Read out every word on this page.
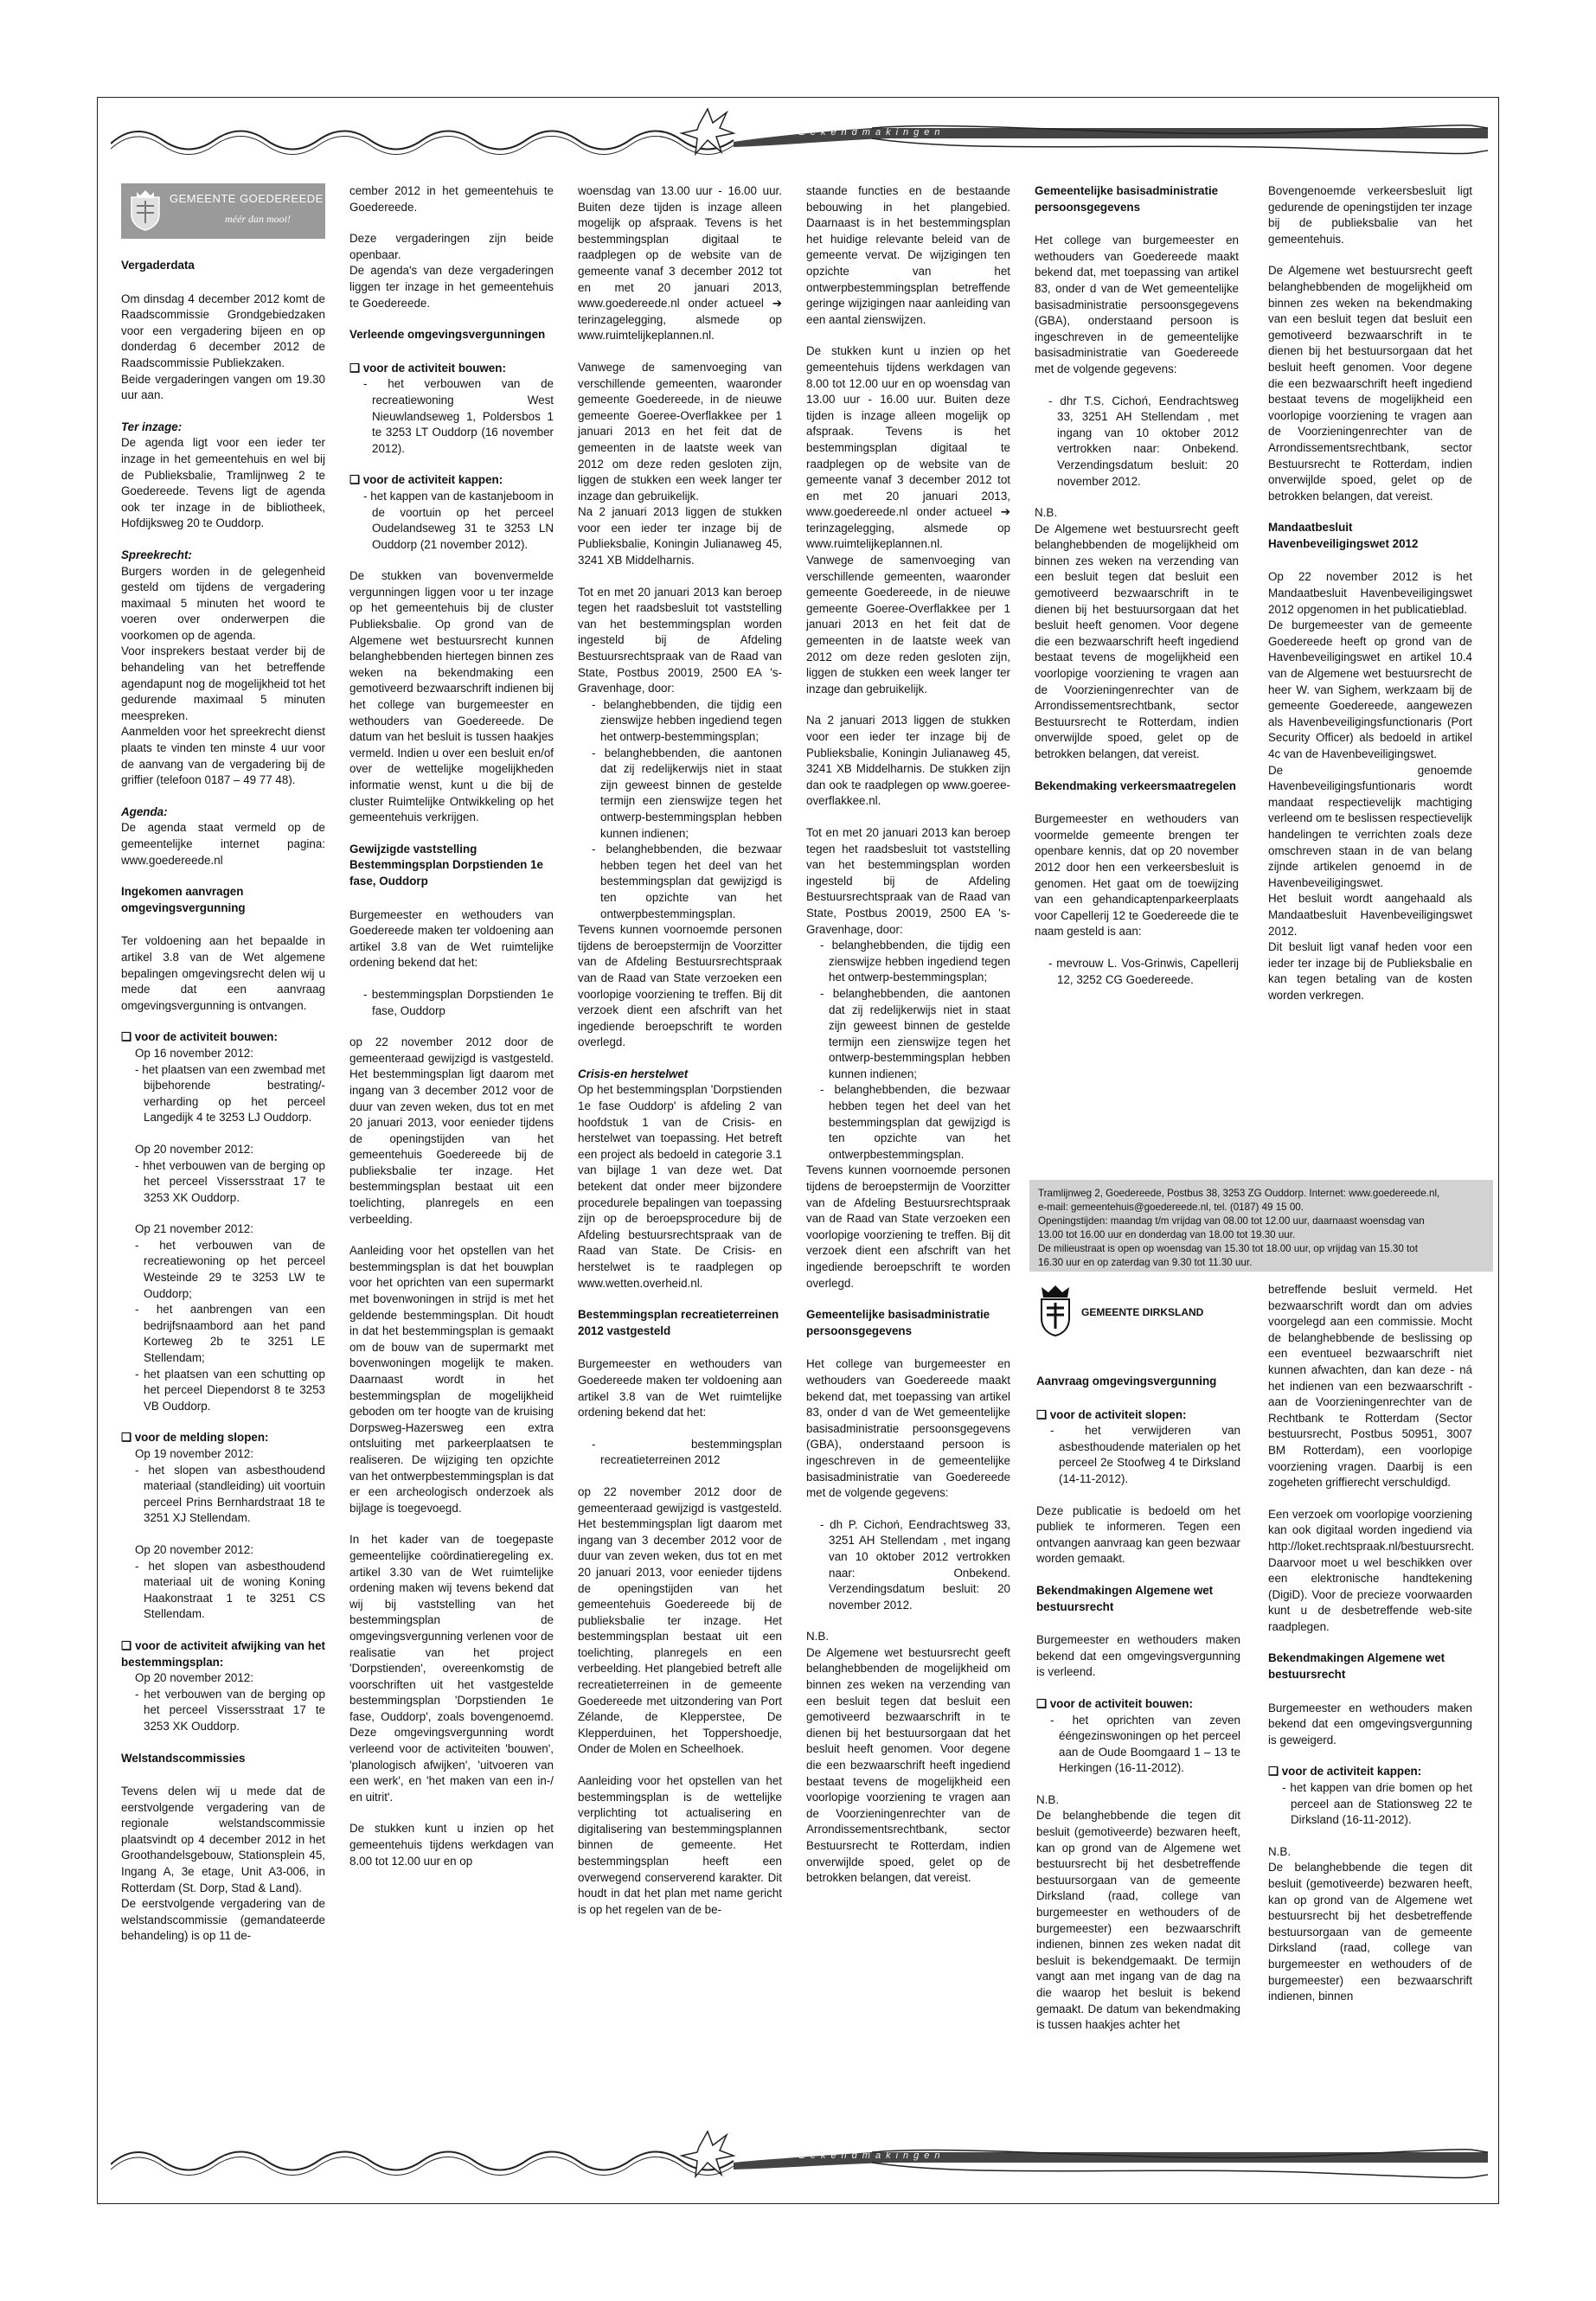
Bekendmakingen
Bekendmakingen
GEMEENTE GOEDEREEDE
méér dan mooi!
Vergaderdata

Om dinsdag 4 december 2012 komt de Raadscommissie Grondgebiedzaken voor een vergadering bijeen en op donderdag 6 december 2012 de Raadscommissie Publiekzaken.

Beide vergaderingen vangen om 19.30 uur aan.

Ter inzage:

De agenda ligt voor een ieder ter inzage in het gemeentehuis en wel bij de Publieksbalie, Tramlijnweg 2 te Goedereede. Tevens ligt de agenda ook ter inzage in de bibliotheek, Hofdijksweg 20 te Ouddorp.

Spreekrecht:

Burgers worden in de gelegenheid gesteld om tijdens de vergadering maximaal 5 minuten het woord te voeren over onderwerpen die voorkomen op de agenda.

Voor insprekers bestaat verder bij de behandeling van het betreffende agendapunt nog de mogelijkheid tot het gedurende maximaal 5 minuten meespreken.

Aanmelden voor het spreekrecht dienst plaats te vinden ten minste 4 uur voor de aanvang van de vergadering bij de griffier (telefoon 0187 – 49 77 48).

Agenda:

De agenda staat vermeld op de gemeentelijke internet pagina: www.goedereede.nl

Ingekomen aanvragen omgevingsvergunning

Ter voldoening aan het bepaalde in artikel 3.8 van de Wet algemene bepalingen omgevingsrecht delen wij u mede dat een aanvraag omgevingsvergunning is ontvangen.

❑ voor de activiteit bouwen:

Op 16 november 2012:

- het plaatsen van een zwembad met bijbehorende bestrating/-verharding op het perceel Langedijk 4 te 3253 LJ Ouddorp.

Op 20 november 2012:

- hhet verbouwen van de berging op het perceel Vissersstraat 17 te 3253 XK Ouddorp.

Op 21 november 2012:

- het verbouwen van de recreatiewoning op het perceel Westeinde 29 te 3253 LW te Ouddorp;

- het aanbrengen van een bedrijfsnaambord aan het pand Korteweg 2b te 3251 LE Stellendam;

- het plaatsen van een schutting op het perceel Diependorst 8 te 3253 VB Ouddorp.

❑ voor de melding slopen:

Op 19 november 2012:

- het slopen van asbesthoudend materiaal (standleiding) uit voortuin perceel Prins Bernhardstraat 18 te 3251 XJ Stellendam.

Op 20 november 2012:

- het slopen van asbesthoudend materiaal uit de woning Koning Haakonstraat 1 te 3251 CS Stellendam.

❑ voor de activiteit afwijking van het bestemmingsplan:

Op 20 november 2012:

- het verbouwen van de berging op het perceel Vissersstraat 17 te 3253 XK Ouddorp.

Welstandscommissies

Tevens delen wij u mede dat de eerstvolgende vergadering van de regionale welstandscommissie plaatsvindt op 4 december 2012 in het Groothandelsgebouw, Stationsplein 45, Ingang A, 3e etage, Unit A3-006, in Rotterdam (St. Dorp, Stad & Land).

De eerstvolgende vergadering van de welstandscommissie (gemandateerde behandeling) is op 11 de-

cember 2012 in het gemeentehuis te Goedereede.

Deze vergaderingen zijn beide openbaar.

De agenda's van deze vergaderingen liggen ter inzage in het gemeentehuis te Goedereede.

Verleende omgevingsvergunningen

❑ voor de activiteit bouwen:

- het verbouwen van de recreatiewoning West Nieuwlandseweg 1, Poldersbos 1 te 3253 LT Ouddorp (16 november 2012).

❑ voor de activiteit kappen:

- het kappen van de kastanjeboom in de voortuin op het perceel Oudelandseweg 31 te 3253 LN Ouddorp (21 november 2012).

De stukken van bovenvermelde vergunningen liggen voor u ter inzage op het gemeentehuis bij de cluster Publieksbalie. Op grond van de Algemene wet bestuursrecht kunnen belanghebbenden hiertegen binnen zes weken na bekendmaking een gemotiveerd bezwaarschrift indienen bij het college van burgemeester en wethouders van Goedereede. De datum van het besluit is tussen haakjes vermeld. Indien u over een besluit en/of over de wettelijke mogelijkheden informatie wenst, kunt u die bij de cluster Ruimtelijke Ontwikkeling op het gemeentehuis verkrijgen.

Gewijzigde vaststelling Bestemmingsplan Dorpstienden 1e fase, Ouddorp

Burgemeester en wethouders van Goedereede maken ter voldoening aan artikel 3.8 van de Wet ruimtelijke ordening bekend dat het:

- bestemmingsplan Dorpstienden 1e fase, Ouddorp

op 22 november 2012 door de gemeenteraad gewijzigd is vastgesteld. Het bestemmingsplan ligt daarom met ingang van 3 december 2012 voor de duur van zeven weken, dus tot en met 20 januari 2013, voor eenieder tijdens de openingstijden van het gemeentehuis Goedereede bij de publieksbalie ter inzage. Het bestemmingsplan bestaat uit een toelichting, planregels en een verbeelding.

Aanleiding voor het opstellen van het bestemmingsplan is dat het bouwplan voor het oprichten van een supermarkt met bovenwoningen in strijd is met het geldende bestemmingsplan. Dit houdt in dat het bestemmingsplan is gemaakt om de bouw van de supermarkt met bovenwoningen mogelijk te maken. Daarnaast wordt in het bestemmingsplan de mogelijkheid geboden om ter hoogte van de kruising Dorpsweg-Hazersweg een extra ontsluiting met parkeerplaatsen te realiseren. De wijziging ten opzichte van het ontwerpbestemmingsplan is dat er een archeologisch onderzoek als bijlage is toegevoegd.

In het kader van de toegepaste gemeentelijke coördinatieregeling ex. artikel 3.30 van de Wet ruimtelijke ordening maken wij tevens bekend dat wij bij vaststelling van het bestemmingsplan de omgevingsvergunning verlenen voor de realisatie van het project 'Dorpstienden', overeenkomstig de voorschriften uit het vastgestelde bestemmingsplan 'Dorpstienden 1e fase, Ouddorp', zoals bovengenoemd. Deze omgevingsvergunning wordt verleend voor de activiteiten 'bouwen', 'planologisch afwijken', 'uitvoeren van een werk', en 'het maken van een in-/ en uitrit'.

De stukken kunt u inzien op het gemeentehuis tijdens werkdagen van 8.00 tot 12.00 uur en op

woensdag van 13.00 uur - 16.00 uur. Buiten deze tijden is inzage alleen mogelijk op afspraak. Tevens is het bestemmingsplan digitaal te raadplegen op de website van de gemeente vanaf 3 december 2012 tot en met 20 januari 2013, www.goedereede.nl onder actueel ➔ terinzagelegging, alsmede op www.ruimtelijkeplannen.nl.

Vanwege de samenvoeging van verschillende gemeenten, waaronder gemeente Goedereede, in de nieuwe gemeente Goeree-Overflakkee per 1 januari 2013 en het feit dat de gemeenten in de laatste week van 2012 om deze reden gesloten zijn, liggen de stukken een week langer ter inzage dan gebruikelijk.

Na 2 januari 2013 liggen de stukken voor een ieder ter inzage bij de Publieksbalie, Koningin Julianaweg 45, 3241 XB Middelharnis.

Tot en met 20 januari 2013 kan beroep tegen het raadsbesluit tot vaststelling van het bestemmingsplan worden ingesteld bij de Afdeling Bestuursrechtspraak van de Raad van State, Postbus 20019, 2500 EA 's-Gravenhage, door:

- belanghebbenden, die tijdig een zienswijze hebben ingediend tegen het ontwerp-bestemmingsplan;

- belanghebbenden, die aantonen dat zij redelijkerwijs niet in staat zijn geweest binnen de gestelde termijn een zienswijze tegen het ontwerp-bestemmingsplan hebben kunnen indienen;

- belanghebbenden, die bezwaar hebben tegen het deel van het bestemmingsplan dat gewijzigd is ten opzichte van het ontwerpbestemmingsplan.

Tevens kunnen voornoemde personen tijdens de beroepstermijn de Voorzitter van de Afdeling Bestuursrechtspraak van de Raad van State verzoeken een voorlopige voorziening te treffen. Bij dit verzoek dient een afschrift van het ingediende beroepschrift te worden overlegd.

Crisis-en herstelwet

Op het bestemmingsplan 'Dorpstienden 1e fase Ouddorp' is afdeling 2 van hoofdstuk 1 van de Crisis- en herstelwet van toepassing. Het betreft een project als bedoeld in categorie 3.1 van bijlage 1 van deze wet. Dat betekent dat onder meer bijzondere procedurele bepalingen van toepassing zijn op de beroepsprocedure bij de Afdeling bestuursrechtspraak van de Raad van State. De Crisis- en herstelwet is te raadplegen op www.wetten.overheid.nl.

Bestemmingsplan recreatieterreinen 2012 vastgesteld

Burgemeester en wethouders van Goedereede maken ter voldoening aan artikel 3.8 van de Wet ruimtelijke ordening bekend dat het:

- bestemmingsplan recreatieterreinen 2012

op 22 november 2012 door de gemeenteraad gewijzigd is vastgesteld. Het bestemmingsplan ligt daarom met ingang van 3 december 2012 voor de duur van zeven weken, dus tot en met 20 januari 2013, voor eenieder tijdens de openingstijden van het gemeentehuis Goedereede bij de publieksbalie ter inzage. Het bestemmingsplan bestaat uit een toelichting, planregels en een verbeelding. Het plangebied betreft alle recreatieterreinen in de gemeente Goedereede met uitzondering van Port Zélande, de Klepperstee, De Klepperduinen, het Toppershoedje, Onder de Molen en Scheelhoek.

Aanleiding voor het opstellen van het bestemmingsplan is de wettelijke verplichting tot actualisering en digitalisering van bestemmingsplannen binnen de gemeente. Het bestemmingsplan heeft een overwegend conserverend karakter. Dit houdt in dat het plan met name gericht is op het regelen van de be-

staande functies en de bestaande bebouwing in het plangebied. Daarnaast is in het bestemmingsplan het huidige relevante beleid van de gemeente vervat. De wijzigingen ten opzichte van het ontwerpbestemmingsplan betreffende geringe wijzigingen naar aanleiding van een aantal zienswijzen.

De stukken kunt u inzien op het gemeentehuis tijdens werkdagen van 8.00 tot 12.00 uur en op woensdag van 13.00 uur - 16.00 uur. Buiten deze tijden is inzage alleen mogelijk op afspraak. Tevens is het bestemmingsplan digitaal te raadplegen op de website van de gemeente vanaf 3 december 2012 tot en met 20 januari 2013, www.goedereede.nl onder actueel ➔ terinzagelegging, alsmede op www.ruimtelijkeplannen.nl.

Vanwege de samenvoeging van verschillende gemeenten, waaronder gemeente Goedereede, in de nieuwe gemeente Goeree-Overflakkee per 1 januari 2013 en het feit dat de gemeenten in de laatste week van 2012 om deze reden gesloten zijn, liggen de stukken een week langer ter inzage dan gebruikelijk.

Na 2 januari 2013 liggen de stukken voor een ieder ter inzage bij de Publieksbalie, Koningin Julianaweg 45, 3241 XB Middelharnis. De stukken zijn dan ook te raadplegen op www.goeree-overflakkee.nl.

Tot en met 20 januari 2013 kan beroep tegen het raadsbesluit tot vaststelling van het bestemmingsplan worden ingesteld bij de Afdeling Bestuursrechtspraak van de Raad van State, Postbus 20019, 2500 EA 's-Gravenhage, door:

- belanghebbenden, die tijdig een zienswijze hebben ingediend tegen het ontwerp-bestemmingsplan;

- belanghebbenden, die aantonen dat zij redelijkerwijs niet in staat zijn geweest binnen de gestelde termijn een zienswijze tegen het ontwerp-bestemmingsplan hebben kunnen indienen;

- belanghebbenden, die bezwaar hebben tegen het deel van het bestemmingsplan dat gewijzigd is ten opzichte van het ontwerpbestemmingsplan.

Tevens kunnen voornoemde personen tijdens de beroepstermijn de Voorzitter van de Afdeling Bestuursrechtspraak van de Raad van State verzoeken een voorlopige voorziening te treffen. Bij dit verzoek dient een afschrift van het ingediende beroepschrift te worden overlegd.

Gemeentelijke basisadministratie persoonsgegevens

Het college van burgemeester en wethouders van Goedereede maakt bekend dat, met toepassing van artikel 83, onder d van de Wet gemeentelijke basisadministratie persoonsgegevens (GBA), onderstaand persoon is ingeschreven in de gemeentelijke basisadministratie van Goedereede met de volgende gegevens:

- dh P. Cichoń, Eendrachtsweg 33, 3251 AH Stellendam , met ingang van 10 oktober 2012 vertrokken naar: Onbekend. Verzendingsdatum besluit: 20 november 2012.

N.B.

De Algemene wet bestuursrecht geeft belanghebbenden de mogelijkheid om binnen zes weken na verzending van een besluit tegen dat besluit een gemotiveerd bezwaarschrift in te dienen bij het bestuursorgaan dat het besluit heeft genomen. Voor degene die een bezwaarschrift heeft ingediend bestaat tevens de mogelijkheid een voorlopige voorziening te vragen aan de Voorzieningenrechter van de Arrondissementsrechtbank, sector Bestuursrecht te Rotterdam, indien onverwijlde spoed, gelet op de betrokken belangen, dat vereist.

Gemeentelijke basisadministratie persoonsgegevens

Het college van burgemeester en wethouders van Goedereede maakt bekend dat, met toepassing van artikel 83, onder d van de Wet gemeentelijke basisadministratie persoonsgegevens (GBA), onderstaand persoon is ingeschreven in de gemeentelijke basisadministratie van Goedereede met de volgende gegevens:

- dhr T.S. Cichoń, Eendrachtsweg 33, 3251 AH Stellendam , met ingang van 10 oktober 2012 vertrokken naar: Onbekend. Verzendingsdatum besluit: 20 november 2012.

N.B.

De Algemene wet bestuursrecht geeft belanghebbenden de mogelijkheid om binnen zes weken na verzending van een besluit tegen dat besluit een gemotiveerd bezwaarschrift in te dienen bij het bestuursorgaan dat het besluit heeft genomen. Voor degene die een bezwaarschrift heeft ingediend bestaat tevens de mogelijkheid een voorlopige voorziening te vragen aan de Voorzieningenrechter van de Arrondissementsrechtbank, sector Bestuursrecht te Rotterdam, indien onverwijlde spoed, gelet op de betrokken belangen, dat vereist.

Bekendmaking verkeersmaatregelen

Burgemeester en wethouders van voormelde gemeente brengen ter openbare kennis, dat op 20 november 2012 door hen een verkeersbesluit is genomen. Het gaat om de toewijzing van een gehandicaptenparkeerplaats voor Capellerij 12 te Goedereede die te naam gesteld is aan:

- mevrouw L. Vos-Grinwis, Capellerij 12, 3252 CG Goedereede.

Bovengenoemde verkeersbesluit ligt gedurende de openingstijden ter inzage bij de publieksbalie van het gemeentehuis.

De Algemene wet bestuursrecht geeft belanghebbenden de mogelijkheid om binnen zes weken na bekendmaking van een besluit tegen dat besluit een gemotiveerd bezwaarschrift in te dienen bij het bestuursorgaan dat het besluit heeft genomen. Voor degene die een bezwaarschrift heeft ingediend bestaat tevens de mogelijkheid een voorlopige voorziening te vragen aan de Voorzieningenrechter van de Arrondissementsrechtbank, sector Bestuursrecht te Rotterdam, indien onverwijlde spoed, gelet op de betrokken belangen, dat vereist.

Mandaatbesluit Havenbeveiligingswet 2012

Op 22 november 2012 is het Mandaatbesluit Havenbeveiligingswet 2012 opgenomen in het publicatieblad.

De burgemeester van de gemeente Goedereede heeft op grond van de Havenbeveiligingswet en artikel 10.4 van de Algemene wet bestuursrecht de heer W. van Sighem, werkzaam bij de gemeente Goedereede, aangewezen als Havenbeveiligingsfunctionaris (Port Security Officer) als bedoeld in artikel 4c van de Havenbeveiligingswet.

De genoemde Havenbeveiligingsfuntionaris wordt mandaat respectievelijk machtiging verleend om te beslissen respectievelijk handelingen te verrichten zoals deze omschreven staan in de van belang zijnde artikelen genoemd in de Havenbeveiligingswet.

Het besluit wordt aangehaald als Mandaatbesluit Havenbeveiligingswet 2012.

Dit besluit ligt vanaf heden voor een ieder ter inzage bij de Publieksbalie en kan tegen betaling van de kosten worden verkregen.

Tramlijnweg 2, Goedereede, Postbus 38, 3253 ZG Ouddorp. Internet: www.goedereede.nl,
e-mail: gemeentehuis@goedereede.nl, tel. (0187) 49 15 00.
Openingstijden: maandag t/m vrijdag van 08.00 tot 12.00 uur, daarnaast woensdag van
13.00 tot 16.00 uur en donderdag van 18.00 tot 19.30 uur.
De milieustraat is open op woensdag van 15.30 tot 18.00 uur, op vrijdag van 15.30 tot
16.30 uur en op zaterdag van 9.30 tot 11.30 uur.
GEMEENTE DIRKSLAND
Aanvraag omgevingsvergunning

❑ voor de activiteit slopen:

- het verwijderen van asbesthoudende materialen op het perceel 2e Stoofweg 4 te Dirksland (14-11-2012).

Deze publicatie is bedoeld om het publiek te informeren. Tegen een ontvangen aanvraag kan geen bezwaar worden gemaakt.

Bekendmakingen Algemene wet bestuursrecht

Burgemeester en wethouders maken bekend dat een omgevingsvergunning is verleend.

❑ voor de activiteit bouwen:

- het oprichten van zeven ééngezinswoningen op het perceel aan de Oude Boomgaard 1 – 13 te Herkingen (16-11-2012).

N.B.

De belanghebbende die tegen dit besluit (gemotiveerde) bezwaren heeft, kan op grond van de Algemene wet bestuursrecht bij het desbetreffende bestuursorgaan van de gemeente Dirksland (raad, college van burgemeester en wethouders of de burgemeester) een bezwaarschrift indienen, binnen zes weken nadat dit besluit is bekendgemaakt. De termijn vangt aan met ingang van de dag na die waarop het besluit is bekend gemaakt. De datum van bekendmaking is tussen haakjes achter het

betreffende besluit vermeld. Het bezwaarschrift wordt dan om advies voorgelegd aan een commissie. Mocht de belanghebbende de beslissing op een eventueel bezwaarschrift niet kunnen afwachten, dan kan deze - ná het indienen van een bezwaarschrift - aan de Voorzieningenrechter van de Rechtbank te Rotterdam (Sector bestuursrecht, Postbus 50951, 3007 BM Rotterdam), een voorlopige voorziening vragen. Daarbij is een zogeheten griffierecht verschuldigd.

Een verzoek om voorlopige voorziening kan ook digitaal worden ingediend via http://loket.rechtspraak.nl/bestuursrecht. Daarvoor moet u wel beschikken over een elektronische handtekening (DigiD). Voor de precieze voorwaarden kunt u de desbetreffende web-site raadplegen.

Bekendmakingen Algemene wet bestuursrecht

Burgemeester en wethouders maken bekend dat een omgevingsvergunning is geweigerd.

❑ voor de activiteit kappen:

- het kappen van drie bomen op het perceel aan de Stationsweg 22 te Dirksland (16-11-2012).

N.B.

De belanghebbende die tegen dit besluit (gemotiveerde) bezwaren heeft, kan op grond van de Algemene wet bestuursrecht bij het desbetreffende bestuursorgaan van de gemeente Dirksland (raad, college van burgemeester en wethouders of de burgemeester) een bezwaarschrift indienen, binnen
